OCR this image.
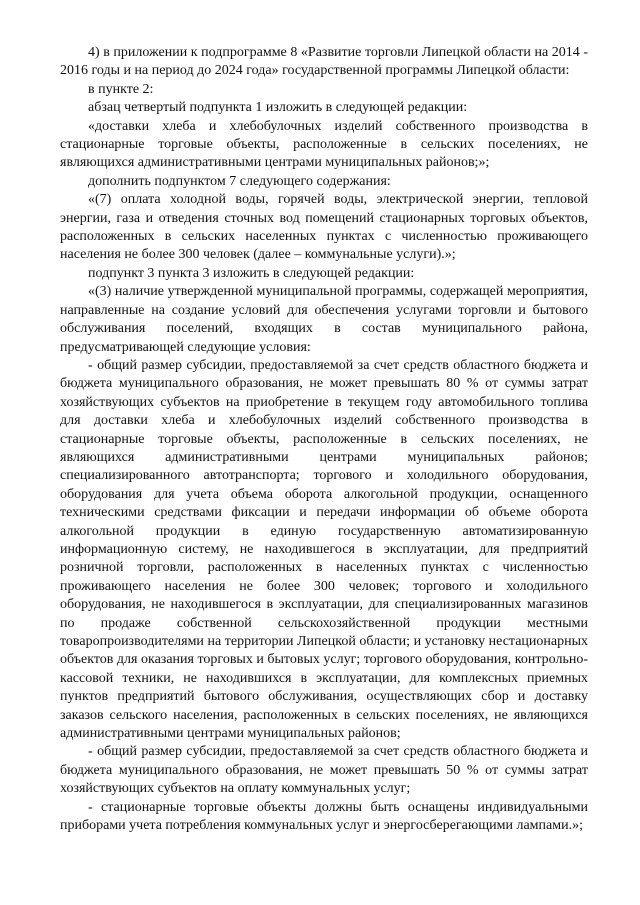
4) в приложении к подпрограмме 8 «Развитие торговли Липецкой области на 2014 - 2016 годы и на период до 2024 года» государственной программы Липецкой области:

в пункте 2:

абзац четвертый подпункта 1 изложить в следующей редакции:

«доставки хлеба и хлебобулочных изделий собственного производства в стационарные торговые объекты, расположенные в сельских поселениях, не являющихся административными центрами муниципальных районов;»;

дополнить подпунктом 7 следующего содержания:

«(7) оплата холодной воды, горячей воды, электрической энергии, тепловой энергии, газа и отведения сточных вод помещений стационарных торговых объектов, расположенных в сельских населенных пунктах с численностью проживающего населения не более 300 человек (далее – коммунальные услуги).»;

подпункт 3 пункта 3 изложить в следующей редакции:

«(3) наличие утвержденной муниципальной программы, содержащей мероприятия, направленные на создание условий для обеспечения услугами торговли и бытового обслуживания поселений, входящих в состав муниципального района, предусматривающей следующие условия:

- общий размер субсидии, предоставляемой за счет средств областного бюджета и бюджета муниципального образования, не может превышать 80 % от суммы затрат хозяйствующих субъектов на приобретение в текущем году автомобильного топлива для доставки хлеба и хлебобулочных изделий собственного производства в стационарные торговые объекты, расположенные в сельских поселениях, не являющихся административными центрами муниципальных районов; специализированного автотранспорта; торгового и холодильного оборудования, оборудования для учета объема оборота алкогольной продукции, оснащенного техническими средствами фиксации и передачи информации об объеме оборота алкогольной продукции в единую государственную автоматизированную информационную систему, не находившегося в эксплуатации, для предприятий розничной торговли, расположенных в населенных пунктах с численностью проживающего населения не более 300 человек; торгового и холодильного оборудования, не находившегося в эксплуатации, для специализированных магазинов по продаже собственной сельскохозяйственной продукции местными товаропроизводителями на территории Липецкой области; и установку нестационарных объектов для оказания торговых и бытовых услуг; торгового оборудования, контрольно-кассовой техники, не находившихся в эксплуатации, для комплексных приемных пунктов предприятий бытового обслуживания, осуществляющих сбор и доставку заказов сельского населения, расположенных в сельских поселениях, не являющихся административными центрами муниципальных районов;

- общий размер субсидии, предоставляемой за счет средств областного бюджета и бюджета муниципального образования, не может превышать 50 % от суммы затрат хозяйствующих субъектов на оплату коммунальных услуг;

- стационарные торговые объекты должны быть оснащены индивидуальными приборами учета потребления коммунальных услуг и энергосберегающими лампами.»;
